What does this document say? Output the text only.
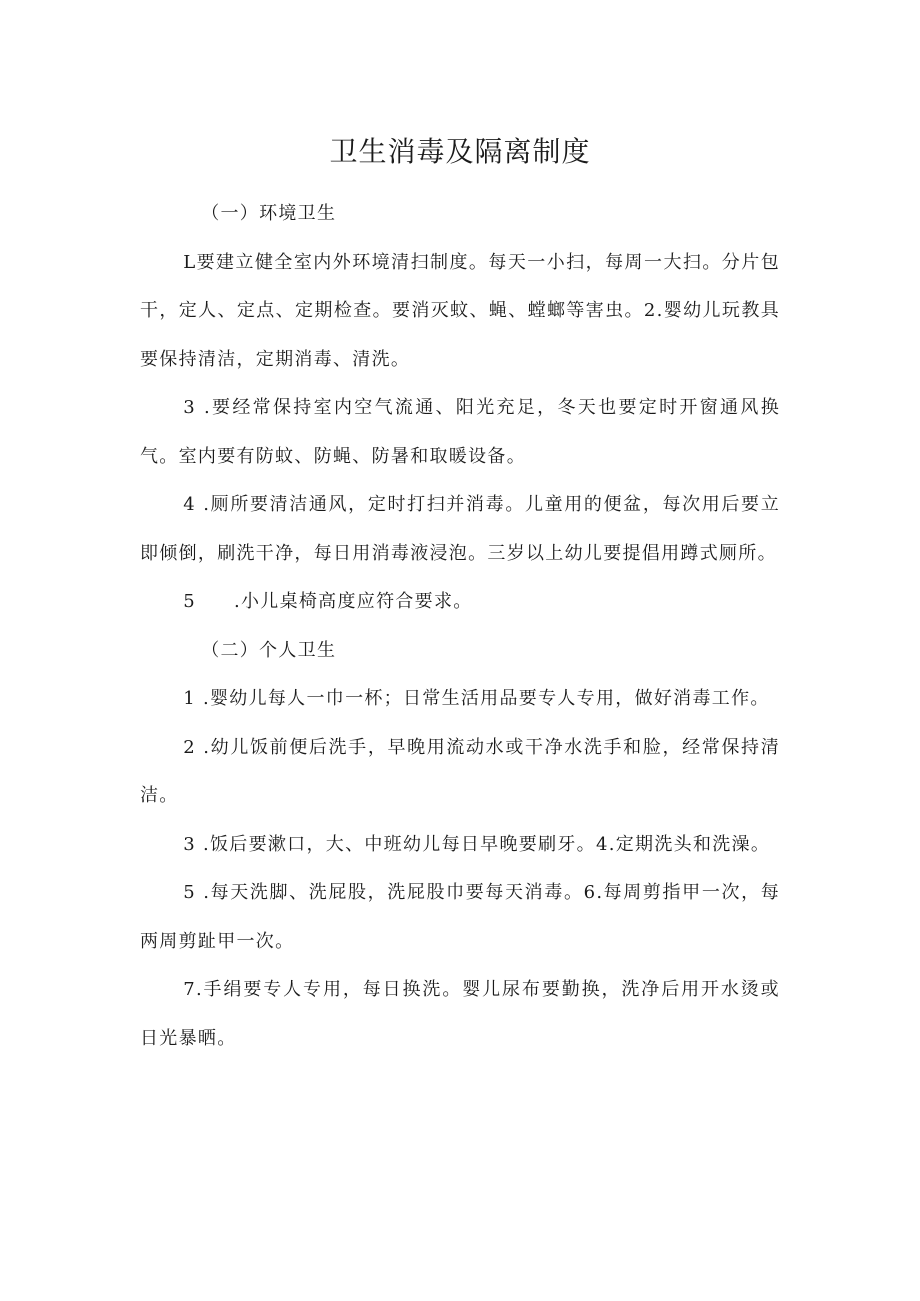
卫生消毒及隔离制度

（一）环境卫生

L要建立健全室内外环境清扫制度。每天一小扫，每周一大扫。分片包干，定人、定点、定期检查。要消灭蚊、蝇、螳螂等害虫。2.婴幼儿玩教具要保持清洁，定期消毒、清洗。

3 .要经常保持室内空气流通、阳光充足，冬天也要定时开窗通风换气。室内要有防蚊、防蝇、防暑和取暖设备。

4 .厕所要清洁通风，定时打扫并消毒。儿童用的便盆，每次用后要立即倾倒，刷洗干净，每日用消毒液浸泡。三岁以上幼儿要提倡用蹲式厕所。

5 .小儿桌椅高度应符合要求。

（二）个人卫生

1 .婴幼儿每人一巾一杯；日常生活用品要专人专用，做好消毒工作。

2 .幼儿饭前便后洗手，早晚用流动水或干净水洗手和脸，经常保持清洁。

3 .饭后要漱口，大、中班幼儿每日早晚要刷牙。4.定期洗头和洗澡。

5 .每天洗脚、洗屁股，洗屁股巾要每天消毒。6.每周剪指甲一次，每两周剪趾甲一次。

7.手绢要专人专用，每日换洗。婴儿尿布要勤换，洗净后用开水烫或日光暴晒。
